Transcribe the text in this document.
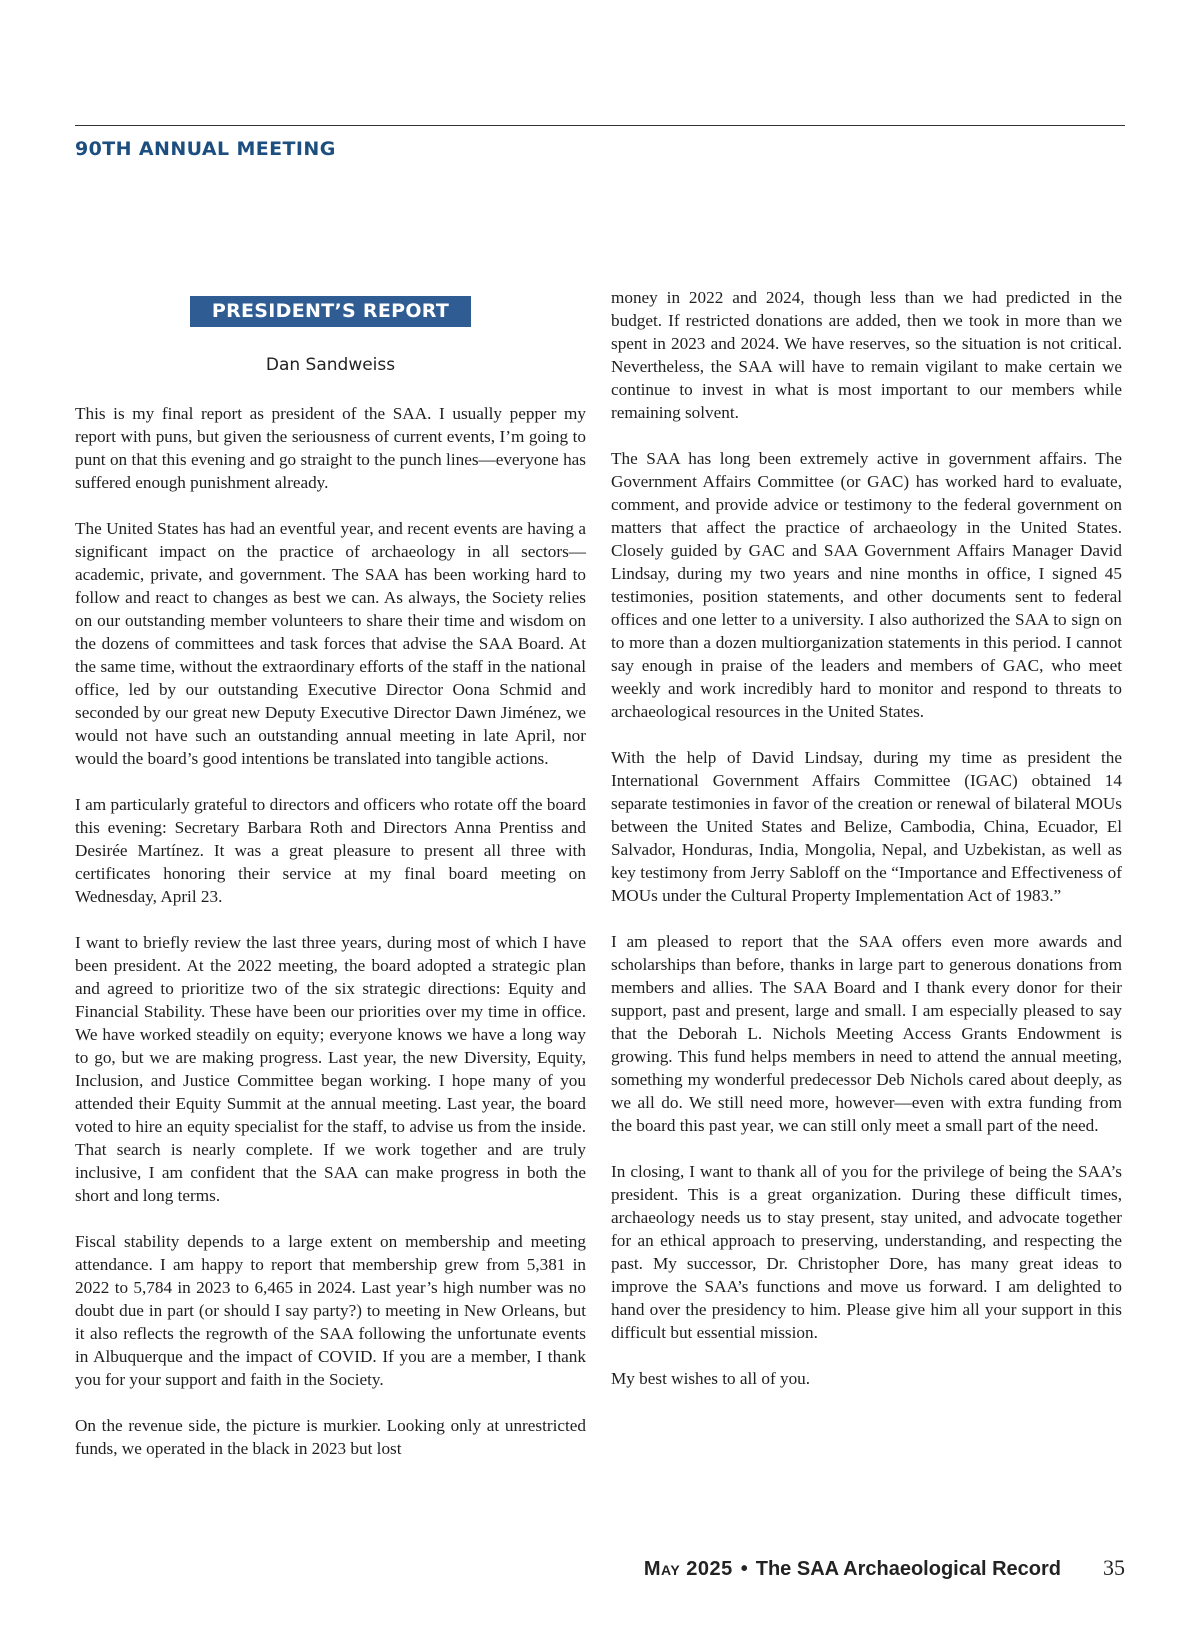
90TH ANNUAL MEETING
PRESIDENT’S REPORT
Dan Sandweiss

This is my final report as president of the SAA. I usually pepper my report with puns, but given the seriousness of current events, I’m going to punt on that this evening and go straight to the punch lines—everyone has suffered enough punishment already.

The United States has had an eventful year, and recent events are having a significant impact on the practice of archaeology in all sectors—academic, private, and government. The SAA has been working hard to follow and react to changes as best we can. As always, the Society relies on our outstanding member volunteers to share their time and wisdom on the dozens of committees and task forces that advise the SAA Board. At the same time, without the extraordinary efforts of the staff in the national office, led by our outstanding Executive Director Oona Schmid and seconded by our great new Deputy Executive Director Dawn Jiménez, we would not have such an outstanding annual meeting in late April, nor would the board’s good intentions be translated into tangible actions.

I am particularly grateful to directors and officers who rotate off the board this evening: Secretary Barbara Roth and Directors Anna Prentiss and Desirée Martínez. It was a great pleasure to present all three with certificates honoring their service at my final board meeting on Wednesday, April 23.

I want to briefly review the last three years, during most of which I have been president. At the 2022 meeting, the board adopted a strategic plan and agreed to prioritize two of the six strategic directions: Equity and Financial Stability. These have been our priorities over my time in office. We have worked steadily on equity; everyone knows we have a long way to go, but we are making progress. Last year, the new Diversity, Equity, Inclusion, and Justice Committee began working. I hope many of you attended their Equity Summit at the annual meeting. Last year, the board voted to hire an equity specialist for the staff, to advise us from the inside. That search is nearly complete. If we work together and are truly inclusive, I am confident that the SAA can make progress in both the short and long terms.

Fiscal stability depends to a large extent on membership and meeting attendance. I am happy to report that membership grew from 5,381 in 2022 to 5,784 in 2023 to 6,465 in 2024. Last year’s high number was no doubt due in part (or should I say party?) to meeting in New Orleans, but it also reflects the regrowth of the SAA following the unfortunate events in Albuquerque and the impact of COVID. If you are a member, I thank you for your support and faith in the Society.

On the revenue side, the picture is murkier. Looking only at unrestricted funds, we operated in the black in 2023 but lost

money in 2022 and 2024, though less than we had predicted in the budget. If restricted donations are added, then we took in more than we spent in 2023 and 2024. We have reserves, so the situation is not critical. Nevertheless, the SAA will have to remain vigilant to make certain we continue to invest in what is most important to our members while remaining solvent.

The SAA has long been extremely active in government affairs. The Government Affairs Committee (or GAC) has worked hard to evaluate, comment, and provide advice or testimony to the federal government on matters that affect the practice of archaeology in the United States. Closely guided by GAC and SAA Government Affairs Manager David Lindsay, during my two years and nine months in office, I signed 45 testimonies, position statements, and other documents sent to federal offices and one letter to a university. I also authorized the SAA to sign on to more than a dozen multiorganization statements in this period. I cannot say enough in praise of the leaders and members of GAC, who meet weekly and work incredibly hard to monitor and respond to threats to archaeological resources in the United States.

With the help of David Lindsay, during my time as president the International Government Affairs Committee (IGAC) obtained 14 separate testimonies in favor of the creation or renewal of bilateral MOUs between the United States and Belize, Cambodia, China, Ecuador, El Salvador, Honduras, India, Mongolia, Nepal, and Uzbekistan, as well as key testimony from Jerry Sabloff on the “Importance and Effectiveness of MOUs under the Cultural Property Implementation Act of 1983.”

I am pleased to report that the SAA offers even more awards and scholarships than before, thanks in large part to generous donations from members and allies. The SAA Board and I thank every donor for their support, past and present, large and small. I am especially pleased to say that the Deborah L. Nichols Meeting Access Grants Endowment is growing. This fund helps members in need to attend the annual meeting, something my wonderful predecessor Deb Nichols cared about deeply, as we all do. We still need more, however—even with extra funding from the board this past year, we can still only meet a small part of the need.

In closing, I want to thank all of you for the privilege of being the SAA’s president. This is a great organization. During these difficult times, archaeology needs us to stay present, stay united, and advocate together for an ethical approach to preserving, understanding, and respecting the past. My successor, Dr. Christopher Dore, has many great ideas to improve the SAA’s functions and move us forward. I am delighted to hand over the presidency to him. Please give him all your support in this difficult but essential mission.

My best wishes to all of you.

May 2025 • The SAA Archaeological Record 35
